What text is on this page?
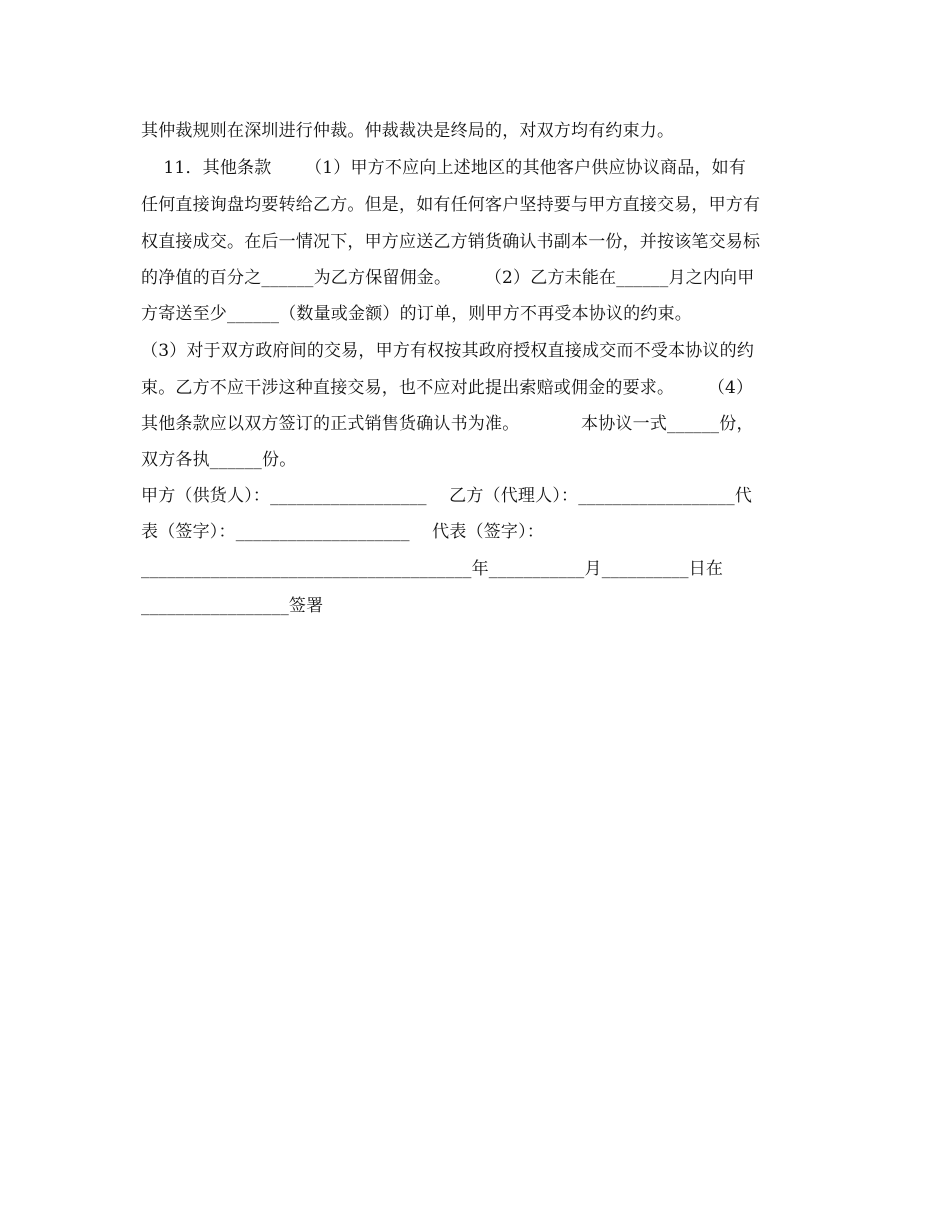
其仲裁规则在深圳进行仲裁。仲裁裁决是终局的，对双方均有约束力。
11．其他条款      （1）甲方不应向上述地区的其他客户供应协议商品，如有
任何直接询盘均要转给乙方。但是，如有任何客户坚持要与甲方直接交易，甲方有
权直接成交。在后一情况下，甲方应送乙方销货确认书副本一份，并按该笔交易标
的净值的百分之______为乙方保留佣金。      （2）乙方未能在______月之内向甲
方寄送至少______（数量或金额）的订单，则甲方不再受本协议的约束。
（3）对于双方政府间的交易，甲方有权按其政府授权直接成交而不受本协议的约
束。乙方不应干涉这种直接交易，也不应对此提出索赔或佣金的要求。      （4）
其他条款应以双方签订的正式销售货确认书为准。           本协议一式______份，
双方各执______份。
甲方（供货人）：__________________    乙方（代理人）：__________________代
表（签字）：____________________    代表（签字）：
______________________________________年___________月__________日在
_________________签署
